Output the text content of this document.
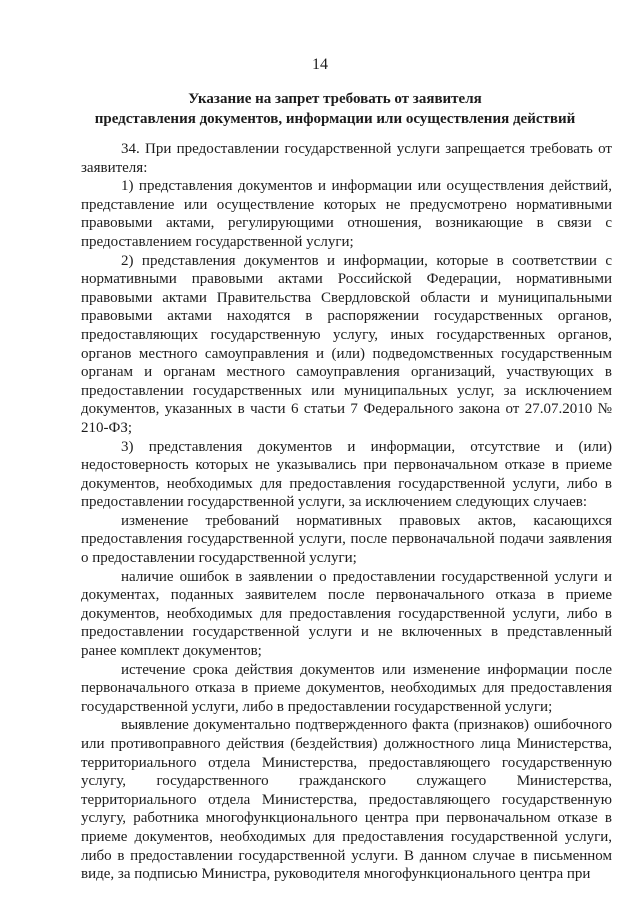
14
Указание на запрет требовать от заявителя
представления документов, информации или осуществления действий

34. При предоставлении государственной услуги запрещается требовать от заявителя:

1) представления документов и информации или осуществления действий, представление или осуществление которых не предусмотрено нормативными правовыми актами, регулирующими отношения, возникающие в связи с предоставлением государственной услуги;

2) представления документов и информации, которые в соответствии с нормативными правовыми актами Российской Федерации, нормативными правовыми актами Правительства Свердловской области и муниципальными правовыми актами находятся в распоряжении государственных органов, предоставляющих государственную услугу, иных государственных органов, органов местного самоуправления и (или) подведомственных государственным органам и органам местного самоуправления организаций, участвующих в предоставлении государственных или муниципальных услуг, за исключением документов, указанных в части 6 статьи 7 Федерального закона от 27.07.2010 № 210-ФЗ;

3) представления документов и информации, отсутствие и (или) недостоверность которых не указывались при первоначальном отказе в приеме документов, необходимых для предоставления государственной услуги, либо в предоставлении государственной услуги, за исключением следующих случаев:

изменение требований нормативных правовых актов, касающихся предоставления государственной услуги, после первоначальной подачи заявления о предоставлении государственной услуги;

наличие ошибок в заявлении о предоставлении государственной услуги и документах, поданных заявителем после первоначального отказа в приеме документов, необходимых для предоставления государственной услуги, либо в предоставлении государственной услуги и не включенных в представленный ранее комплект документов;

истечение срока действия документов или изменение информации после первоначального отказа в приеме документов, необходимых для предоставления государственной услуги, либо в предоставлении государственной услуги;

выявление документально подтвержденного факта (признаков) ошибочного или противоправного действия (бездействия) должностного лица Министерства, территориального отдела Министерства, предоставляющего государственную услугу, государственного гражданского служащего Министерства, территориального отдела Министерства, предоставляющего государственную услугу, работника многофункционального центра при первоначальном отказе в приеме документов, необходимых для предоставления государственной услуги, либо в предоставлении государственной услуги. В данном случае в письменном виде, за подписью Министра, руководителя многофункционального центра при
